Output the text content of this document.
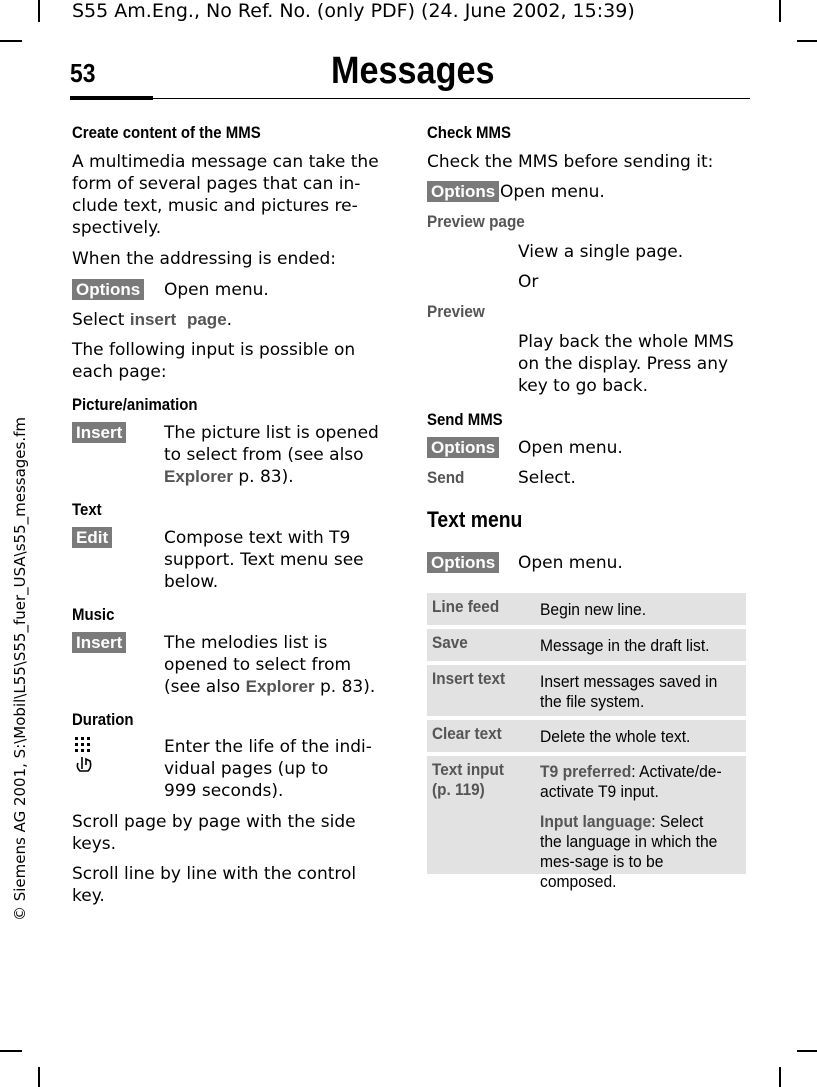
S55 Am.Eng., No Ref. No. (only PDF) (24. June 2002, 15:39)
53	Messages
© Siemens AG 2001, S:\Mobil\L55\S55_fuer_USA\s55_messages.fm
Create content of the MMS
A multimedia message can take the
form of several pages that can in-
clude text, music and pictures re-
spectively.
When the addressing is ended:
Options Open menu.
Select insert page.
The following input is possible on
each page:
Picture/animation
Insert The picture list is opened
to select from (see also
Explorer p. 83).
Text
Edit	Compose text with T9
support. Text menu see
below.
Music
Insert The melodies list is
opened to select from
(see also Explorer p. 83).
Duration
Enter the life of the indi-
vidual pages (up to
999 seconds).
Scroll page by page with the side
keys.
Scroll line by line with the control
key.
Check MMS
Check the MMS before sending it:
Options Open menu.
Preview page
View a single page.
Or
Preview
Play back the whole MMS
on the display. Press any
key to go back.
Send MMS
Options Open menu.
Send	Select.
Text menu
Options Open menu.
Line feed Begin new line.
Save	Message in the draft list.
Insert text Insert messages saved in the file system.
Clear text Delete the whole text.
Text input (p. 119)

T9 preferred: Activate/de-activate T9 input.

Input language: Select the language in which the mes-sage is to be composed.
